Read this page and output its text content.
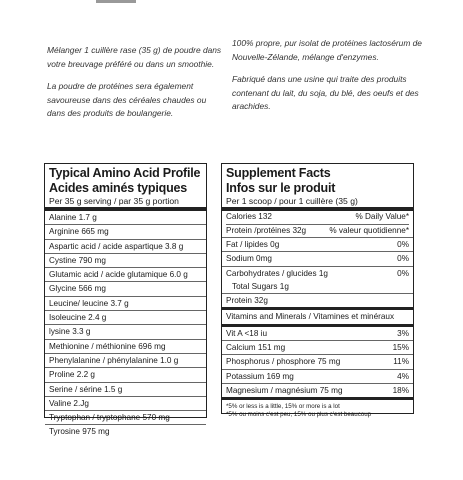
Mélanger 1 cuillère rase (35 g) de poudre dans votre breuvage préféré ou dans un smoothie.

La poudre de protéines sera également savoureuse dans des céréales chaudes ou dans des produits de boulangerie.

100% propre, pur isolat de protéines lactosérum de Nouvelle-Zélande, mélange d'enzymes.

Fabriqué dans une usine qui traite des produits contenant du lait, du soja, du blé, des oeufs et des arachides.

Typical Amino Acid Profile
Acides aminés typiques
Per 35 g serving / par 35 g portion
Alanine 1.7 g
Arginine 665 mg
Aspartic acid / acide aspartique 3.8 g
Cystine 790 mg
Glutamic acid / acide glutamique 6.0 g
Glycine 566 mg
Leucine/ leucine 3.7 g
Isoleucine 2.4 g
lysine 3.3 g
Methionine / méthionine 696 mg
Phenylalanine / phénylalanine 1.0 g
Proline 2.2 g
Serine / sérine 1.5 g
Valine 2.Jg
Tryptophan / tryptophane 570 mg
Tyrosine 975 mg
Supplement Facts
Infos sur le produit
Per 1 scoop / pour 1 cuillère (35 g)
Calories 132	% Daily Value*
Protein /protéines 32g	% valeur quotidienne*
Fat / lipides 0g	0%
Sodium 0mg	0%
Carbohydrates / glucides 1g	0%
Total Sugars 1g
Protein 32g
Vitamins and Minerals / Vitamines et minéraux
Vit A <18 iu	3%
Calcium 151 mg	15%
Phosphorus / phosphore 75 mg	11%
Potassium 169 mg	4%
Magnesium / magnésium 75 mg	18%
*5% or less is a little, 15% or more is a lot
*5% ou moins c'est peu, 15% ou plus c'est beaucoup
